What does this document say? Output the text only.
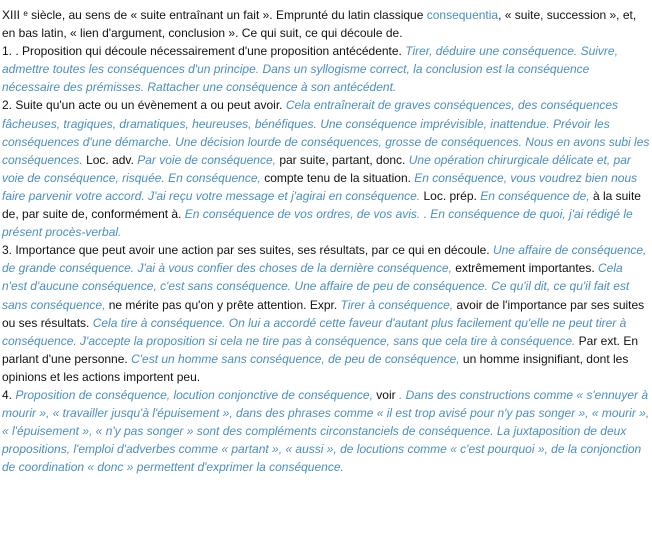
XIII $^e$ siècle, au sens de « suite entraînant un fait ». Emprunté du latin classique consequentia, « suite, succession », et, en bas latin, « lien d'argument, conclusion ». Ce qui suit, ce qui découle de.

1. . Proposition qui découle nécessairement d'une proposition antécédente. Tirer, déduire une conséquence. Suivre, admettre toutes les conséquences d'un principe. Dans un syllogisme correct, la conclusion est la conséquence nécessaire des prémisses. Rattacher une conséquence à son antécédent.

2. Suite qu'un acte ou un évènement a ou peut avoir. Cela entraînerait de graves conséquences, des conséquences fâcheuses, tragiques, dramatiques, heureuses, bénéfiques. Une conséquence imprévisible, inattendue. Prévoir les conséquences d'une démarche. Une décision lourde de conséquences, grosse de conséquences. Nous en avons subi les conséquences. Loc. adv. Par voie de conséquence, par suite, partant, donc. Une opération chirurgicale délicate et, par voie de conséquence, risquée. En conséquence, compte tenu de la situation. En conséquence, vous voudrez bien nous faire parvenir votre accord. J'ai reçu votre message et j'agirai en conséquence. Loc. prép. En conséquence de, à la suite de, par suite de, conformément à. En conséquence de vos ordres, de vos avis. . En conséquence de quoi, j'ai rédigé le présent procès-verbal.

3. Importance que peut avoir une action par ses suites, ses résultats, par ce qui en découle. Une affaire de conséquence, de grande conséquence. J'ai à vous confier des choses de la dernière conséquence, extrêmement importantes. Cela n'est d'aucune conséquence, c'est sans conséquence. Une affaire de peu de conséquence. Ce qu'il dit, ce qu'il fait est sans conséquence, ne mérite pas qu'on y prête attention. Expr. Tirer à conséquence, avoir de l'importance par ses suites ou ses résultats. Cela tire à conséquence. On lui a accordé cette faveur d'autant plus facilement qu'elle ne peut tirer à conséquence. J'accepte la proposition si cela ne tire pas à conséquence, sans que cela tire à conséquence. Par ext. En parlant d'une personne. C'est un homme sans conséquence, de peu de conséquence, un homme insignifiant, dont les opinions et les actions importent peu.

4. Proposition de conséquence, locution conjonctive de conséquence, voir . Dans des constructions comme « s'ennuyer à mourir », « travailler jusqu'à l'épuisement », dans des phrases comme « il est trop avisé pour n'y pas songer », « mourir », « l'épuisement », « n'y pas songer » sont des compléments circonstanciels de conséquence. La juxtaposition de deux propositions, l'emploi d'adverbes comme « partant », « aussi », de locutions comme « c'est pourquoi », de la conjonction de coordination « donc » permettent d'exprimer la conséquence.
